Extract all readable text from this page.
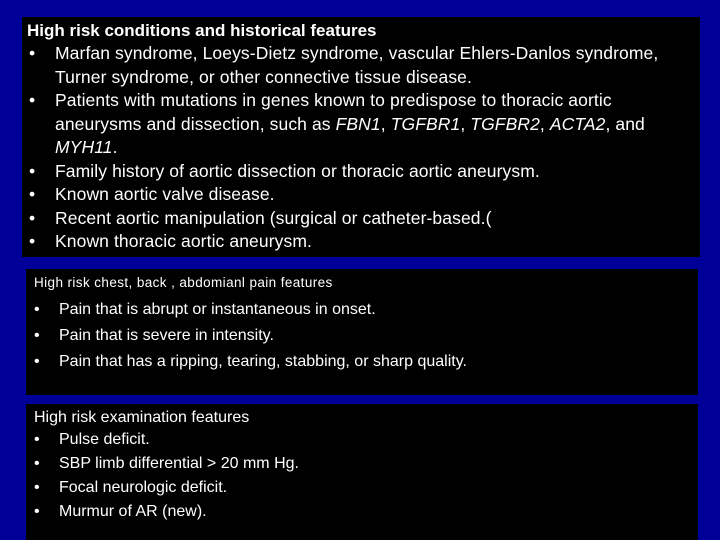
High risk conditions and historical features
• Marfan syndrome, Loeys-Dietz syndrome, vascular Ehlers-Danlos syndrome, Turner syndrome, or other connective tissue disease.
• Patients with mutations in genes known to predispose to thoracic aortic aneurysms and dissection, such as FBN1, TGFBR1, TGFBR2, ACTA2, and MYH11.
• Family history of aortic dissection or thoracic aortic aneurysm.
• Known aortic valve disease.
• Recent aortic manipulation (surgical or catheter-based.(
• Known thoracic aortic aneurysm.
High risk chest, back , abdomianl pain features
• Pain that is abrupt or instantaneous in onset.
• Pain that is severe in intensity.
• Pain that has a ripping, tearing, stabbing, or sharp quality.
High risk examination features
• Pulse deficit.
• SBP limb differential > 20 mm Hg.
• Focal neurologic deficit.
• Murmur of AR (new).
